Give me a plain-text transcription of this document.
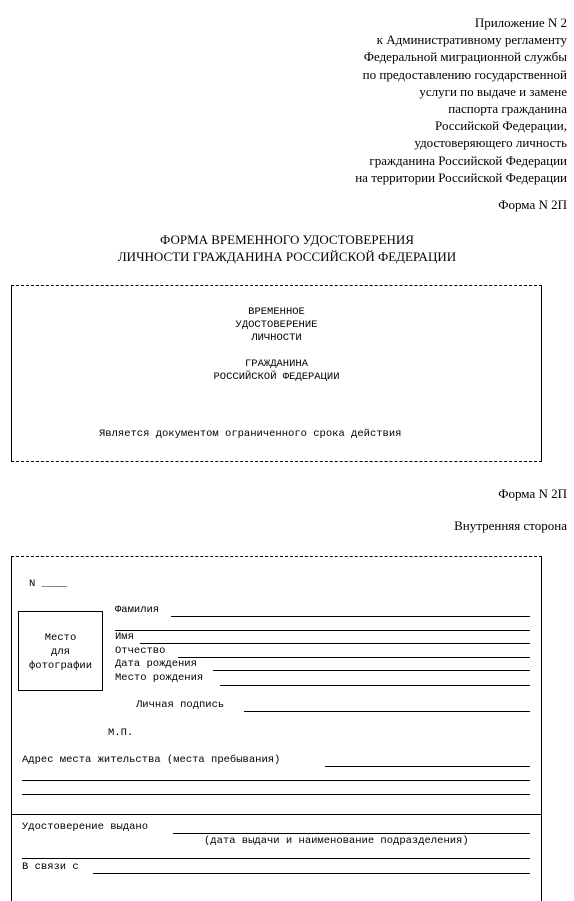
Приложение N 2
к Административному регламенту
Федеральной миграционной службы
по предоставлению государственной
услуги по выдаче и замене
паспорта гражданина
Российской Федерации,
удостоверяющего личность
гражданина Российской Федерации
на территории Российской Федерации
Форма N 2П
ФОРМА ВРЕМЕННОГО УДОСТОВЕРЕНИЯ
ЛИЧНОСТИ ГРАЖДАНИНА РОССИЙСКОЙ ФЕДЕРАЦИИ
ВРЕМЕННОЕ
УДОСТОВЕРЕНИЕ
ЛИЧНОСТИ
ГРАЖДАНИНА
РОССИЙСКОЙ ФЕДЕРАЦИИ
Является документом ограниченного срока действия
Форма N 2П
Внутренняя сторона
N ____
Место
для
фотографии
Фамилия
Имя
Отчество
Дата рождения
Место рождения
Личная подпись
М.П.
Адрес места жительства (места пребывания)
Удостоверение выдано
(дата выдачи и наименование подразделения)
В связи с
